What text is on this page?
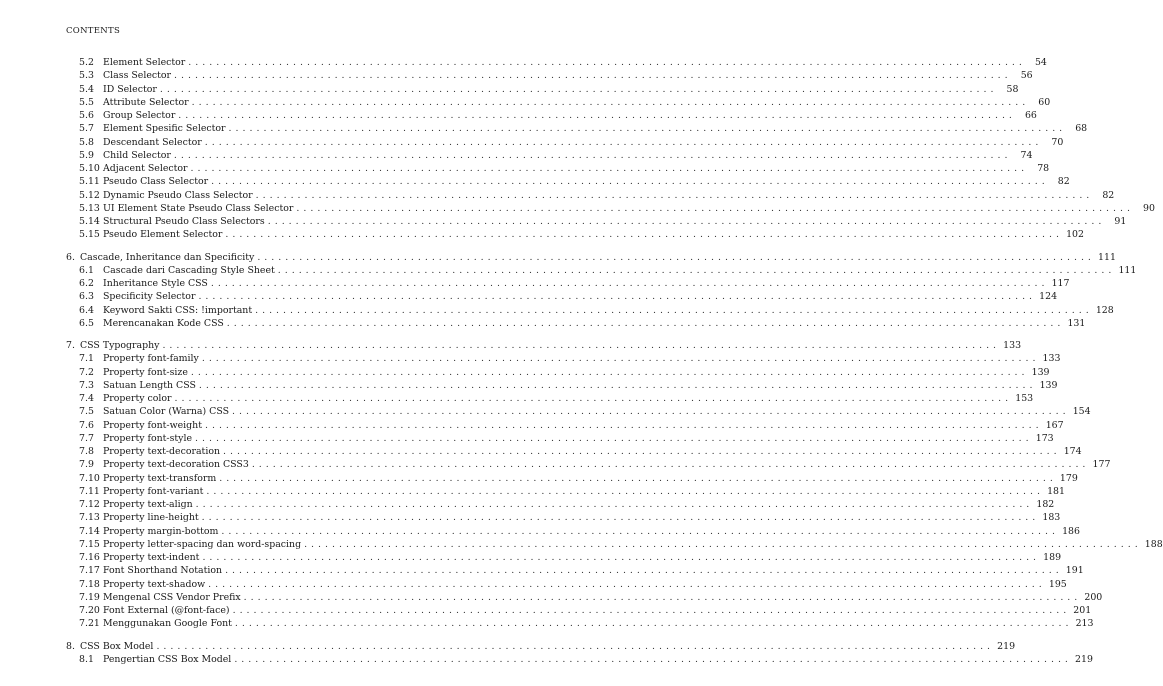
CONTENTS
5.2 Element Selector ........................................................................................................................ 54
5.3 Class Selector ........................................................................................................................ 56
5.4 ID Selector ........................................................................................................................ 58
5.5 Attribute Selector ........................................................................................................................ 60
5.6 Group Selector ........................................................................................................................ 66
5.7 Element Spesific Selector ........................................................................................................................ 68
5.8 Descendant Selector ........................................................................................................................ 70
5.9 Child Selector ........................................................................................................................ 74
5.10 Adjacent Selector ........................................................................................................................ 78
5.11 Pseudo Class Selector ........................................................................................................................ 82
5.12 Dynamic Pseudo Class Selector ........................................................................................................................ 82
5.13 UI Element State Pseudo Class Selector ........................................................................................................................ 90
5.14 Structural Pseudo Class Selectors ........................................................................................................................ 91
5.15 Pseudo Element Selector ........................................................................................................................ 102
6. Cascade, Inheritance dan Specificity ........................................................................................................................ 111
6.1 Cascade dari Cascading Style Sheet ........................................................................................................................ 111
6.2 Inheritance Style CSS ........................................................................................................................ 117
6.3 Specificity Selector ........................................................................................................................ 124
6.4 Keyword Sakti CSS: !important ........................................................................................................................ 128
6.5 Merencanakan Kode CSS ........................................................................................................................ 131
7. CSS Typography ........................................................................................................................ 133
7.1 Property font-family ........................................................................................................................ 133
7.2 Property font-size ........................................................................................................................ 139
7.3 Satuan Length CSS ........................................................................................................................ 139
7.4 Property color ........................................................................................................................ 153
7.5 Satuan Color (Warna) CSS ........................................................................................................................ 154
7.6 Property font-weight ........................................................................................................................ 167
7.7 Property font-style ........................................................................................................................ 173
7.8 Property text-decoration ........................................................................................................................ 174
7.9 Property text-decoration CSS3 ........................................................................................................................ 177
7.10 Property text-transform ........................................................................................................................ 179
7.11 Property font-variant ........................................................................................................................ 181
7.12 Property text-align ........................................................................................................................ 182
7.13 Property line-height ........................................................................................................................ 183
7.14 Property margin-bottom ........................................................................................................................ 186
7.15 Property letter-spacing dan word-spacing ........................................................................................................................ 188
7.16 Property text-indent ........................................................................................................................ 189
7.17 Font Shorthand Notation ........................................................................................................................ 191
7.18 Property text-shadow ........................................................................................................................ 195
7.19 Mengenal CSS Vendor Prefix ........................................................................................................................ 200
7.20 Font External (@font-face) ........................................................................................................................ 201
7.21 Menggunakan Google Font ........................................................................................................................ 213
8. CSS Box Model ........................................................................................................................ 219
8.1 Pengertian CSS Box Model ........................................................................................................................ 219
